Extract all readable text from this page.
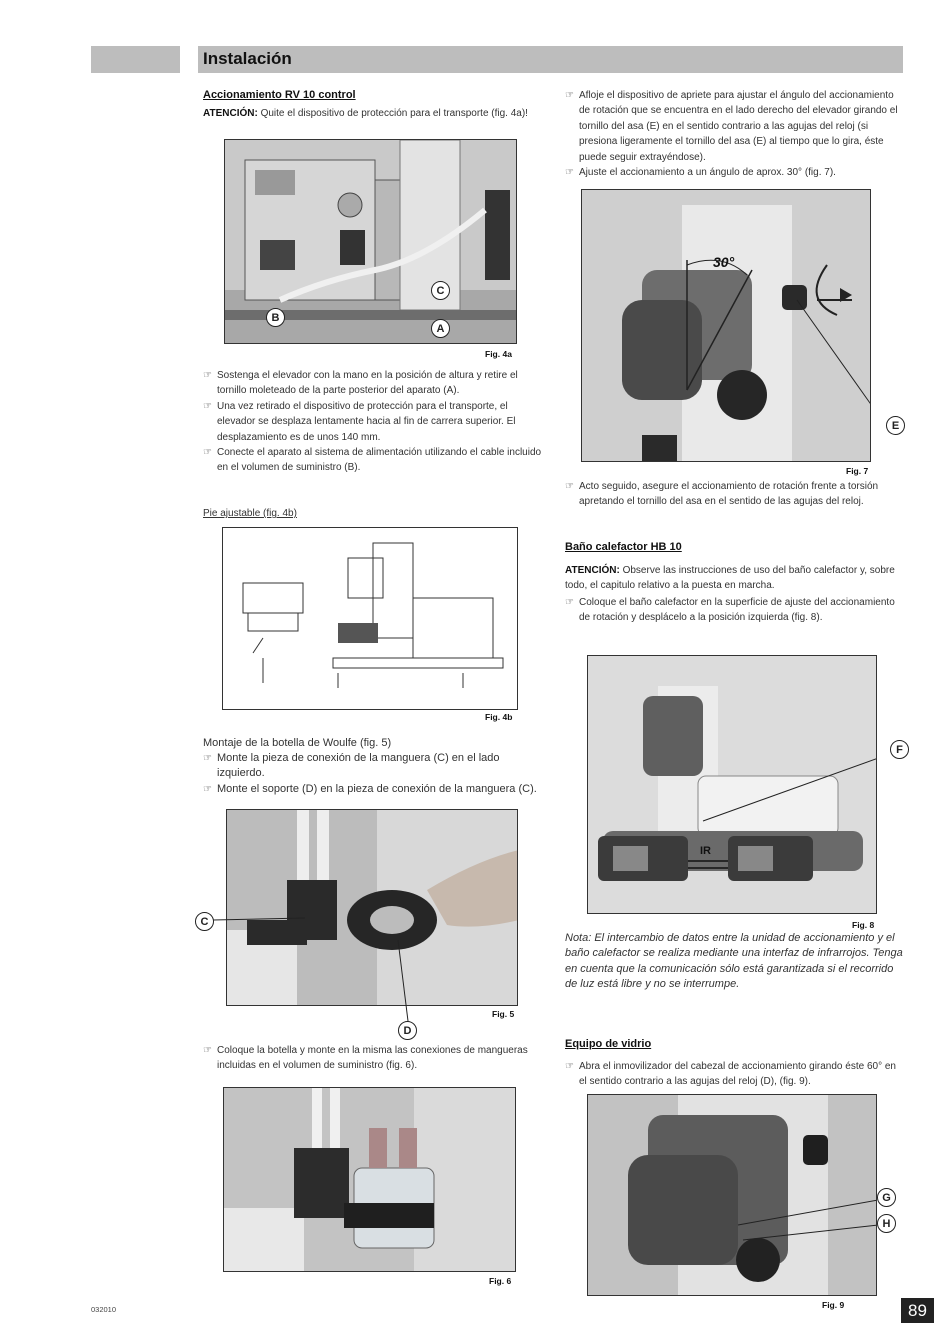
Instalación
Accionamiento RV 10 control
ATENCIÓN: Quite el dispositivo de protección para el transporte (fig. 4a)!
B
C
A
Fig. 4a
☞ Sostenga el elevador con la mano en la posición de altura y retire el tornillo moleteado de la parte posterior del aparato (A).
☞ Una vez retirado el dispositivo de protección para el transporte, el elevador se desplaza lentamente hacia al fin de carrera superior. El desplazamiento es de unos 140 mm.
☞ Conecte el aparato al sistema de alimentación utilizando el cable incluido en el volumen de suministro (B).
Pie ajustable (fig. 4b)
Fig. 4b
Montaje de la botella de Woulfe (fig. 5)
☞ Monte la pieza de conexión de la manguera (C) en el lado izquierdo.
☞ Monte el soporte (D) en la pieza de conexión de la manguera (C).
C
D
Fig. 5
☞ Coloque la botella y monte en la misma las conexiones de mangueras incluidas en el volumen de suministro (fig. 6).
Fig. 6
☞ Afloje el dispositivo de apriete para ajustar el ángulo del accionamiento de rotación que se encuentra en el lado derecho del elevador girando el tornillo del asa (E) en el sentido contrario a las agujas del reloj (si presiona ligeramente el tornillo del asa (E) al tiempo que lo gira, éste puede seguir extrayéndose).
☞ Ajuste el accionamiento a un ángulo de aprox. 30° (fig. 7).
30°
E
Fig. 7
☞ Acto seguido, asegure el accionamiento de rotación frente a torsión apretando el tornillo del asa en el sentido de las agujas del reloj.
Baño calefactor HB 10
ATENCIÓN: Observe las instrucciones de uso del baño calefactor y, sobre todo, el capitulo relativo a la puesta en marcha.
☞ Coloque el baño calefactor en la superficie de ajuste del accionamiento de rotación y desplácelo a la posición izquierda (fig. 8).
IR
F
Fig. 8
Nota: El intercambio de datos entre la unidad de accionamiento y el baño calefactor se realiza mediante una interfaz de infrarrojos. Tenga en cuenta que la comunicación sólo está garantizada si el recorrido de luz está libre y no se interrumpe.
Equipo de vidrio
☞ Abra el inmovilizador del cabezal de accionamiento girando éste 60° en el sentido contrario a las agujas del reloj (D), (fig. 9).
G
H
Fig. 9
032010	89
